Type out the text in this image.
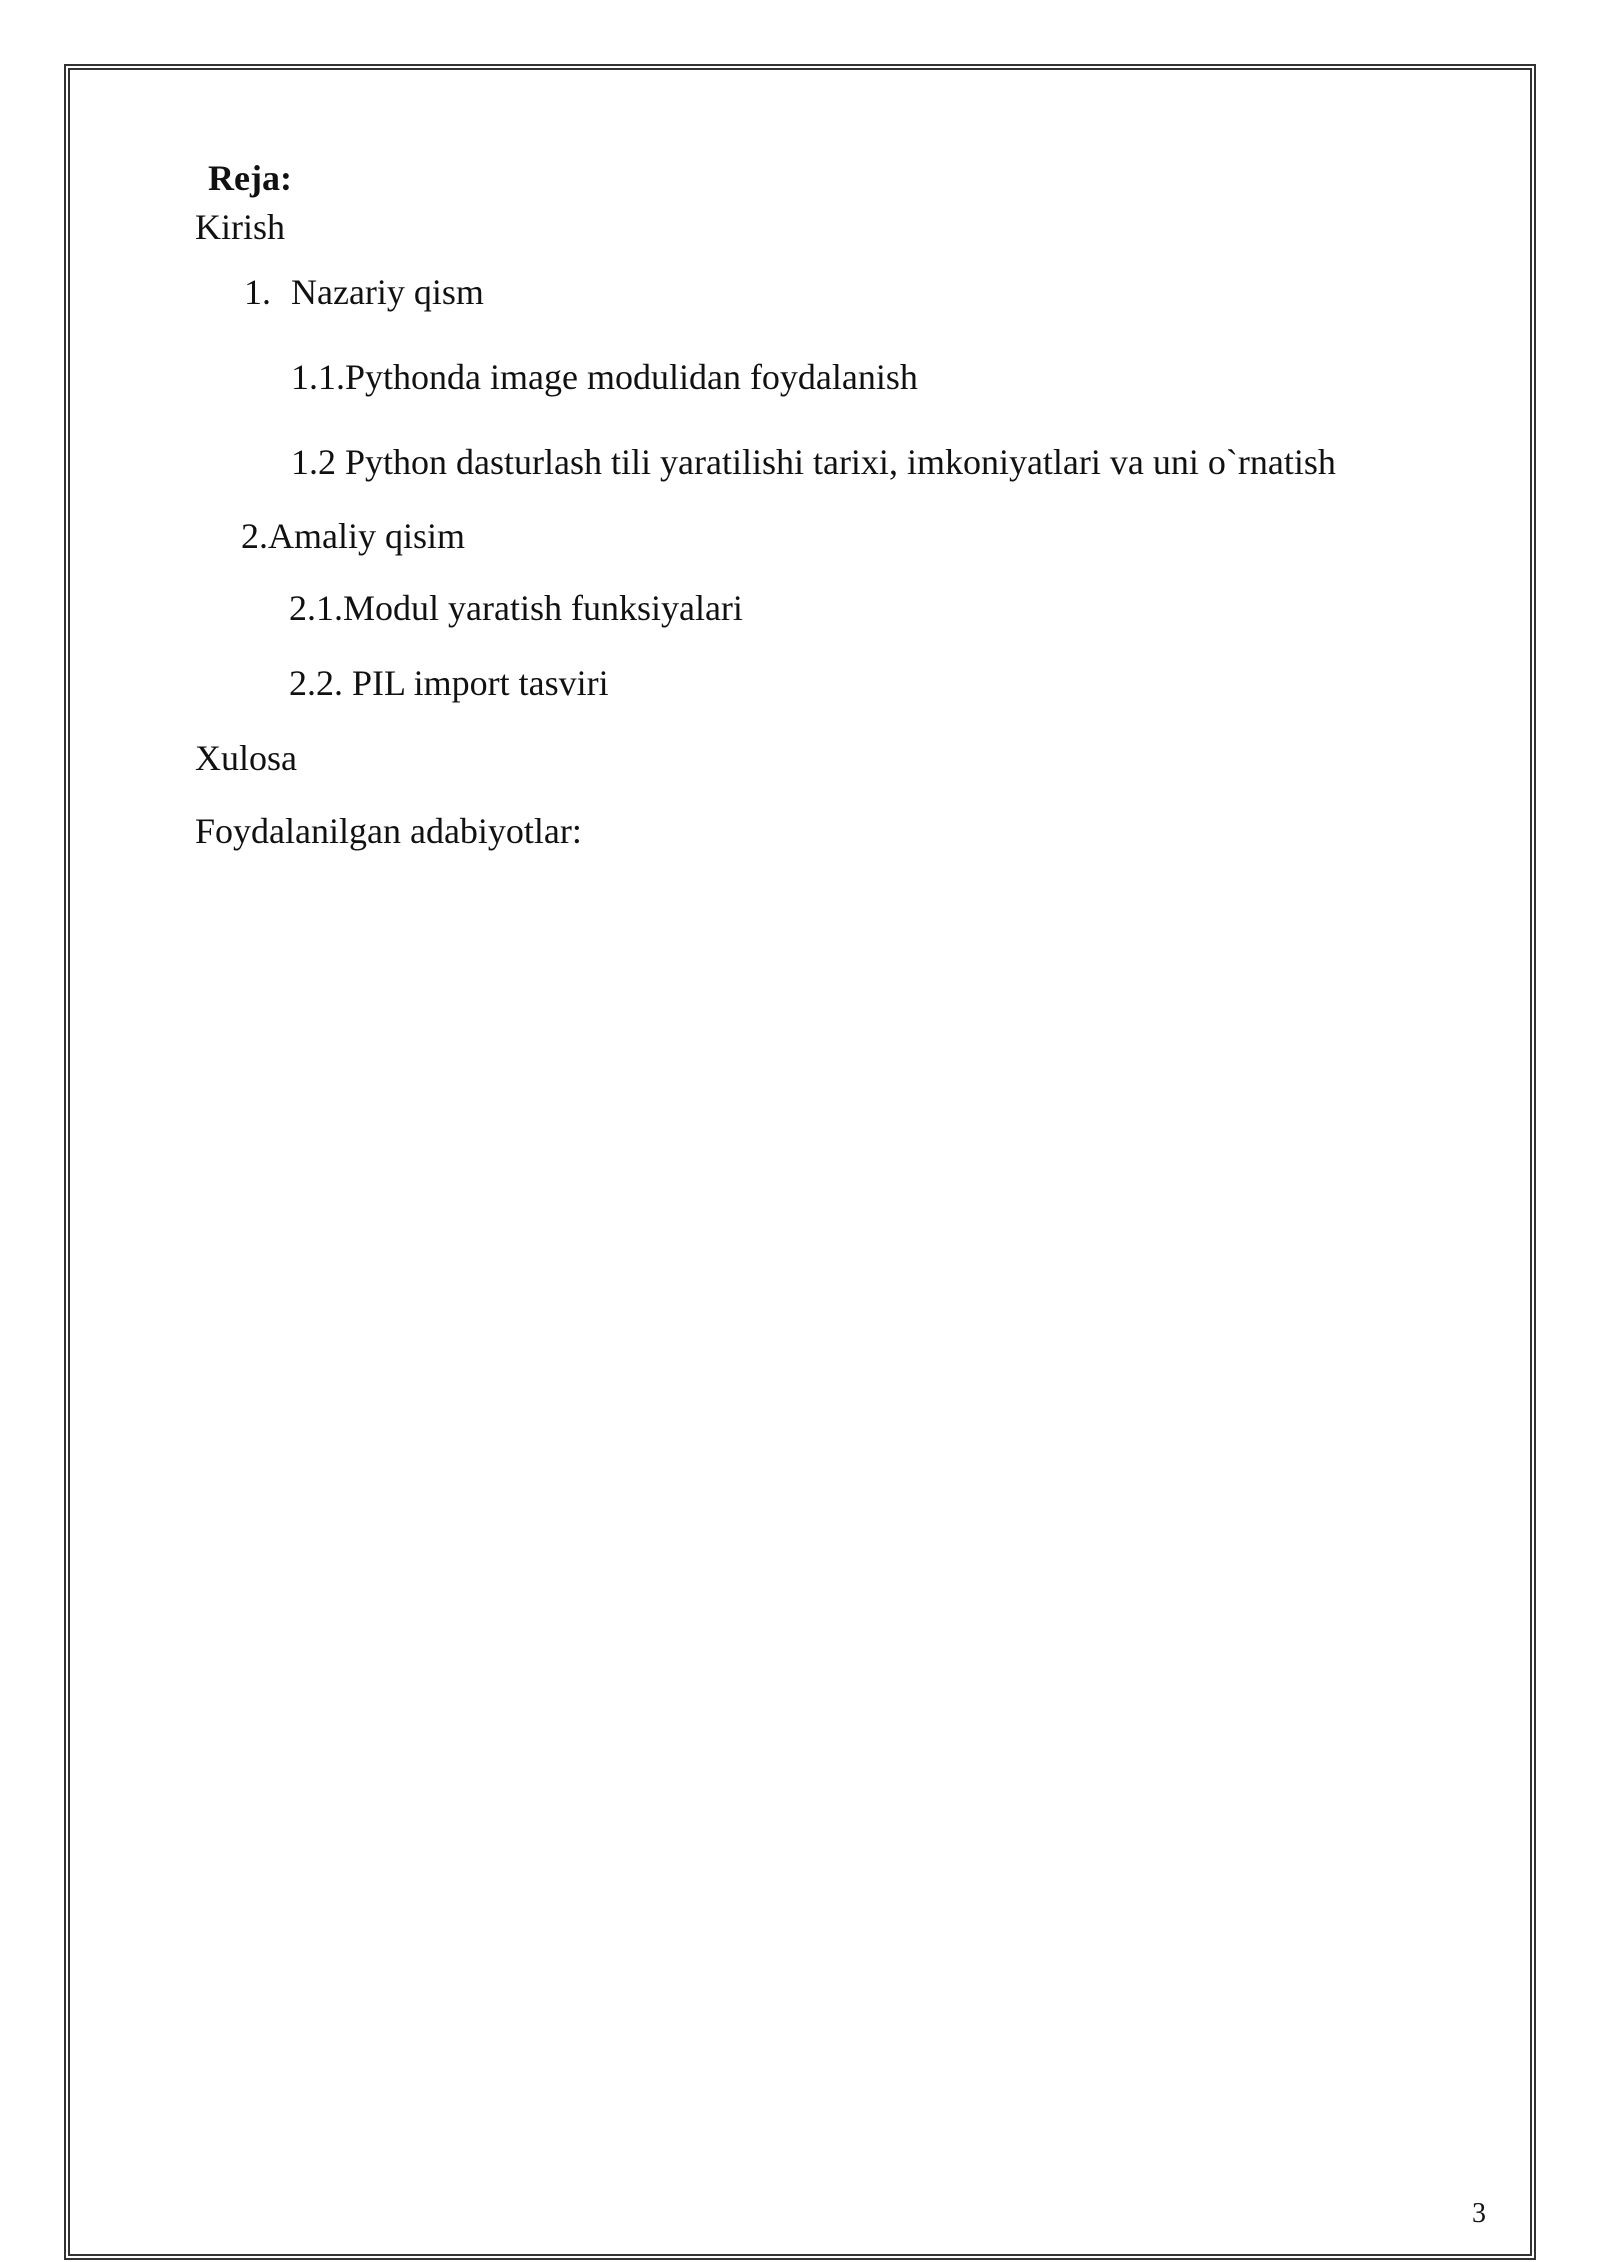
Reja:
Kirish
1. Nazariy qism
1.1.Pythonda image modulidan foydalanish
1.2 Python dasturlash tili yaratilishi tarixi, imkoniyatlari va uni o`rnatish
2.Amaliy qisim
2.1.Modul yaratish funksiyalari
2.2. PIL import tasviri
Xulosa
Foydalanilgan adabiyotlar:
3
